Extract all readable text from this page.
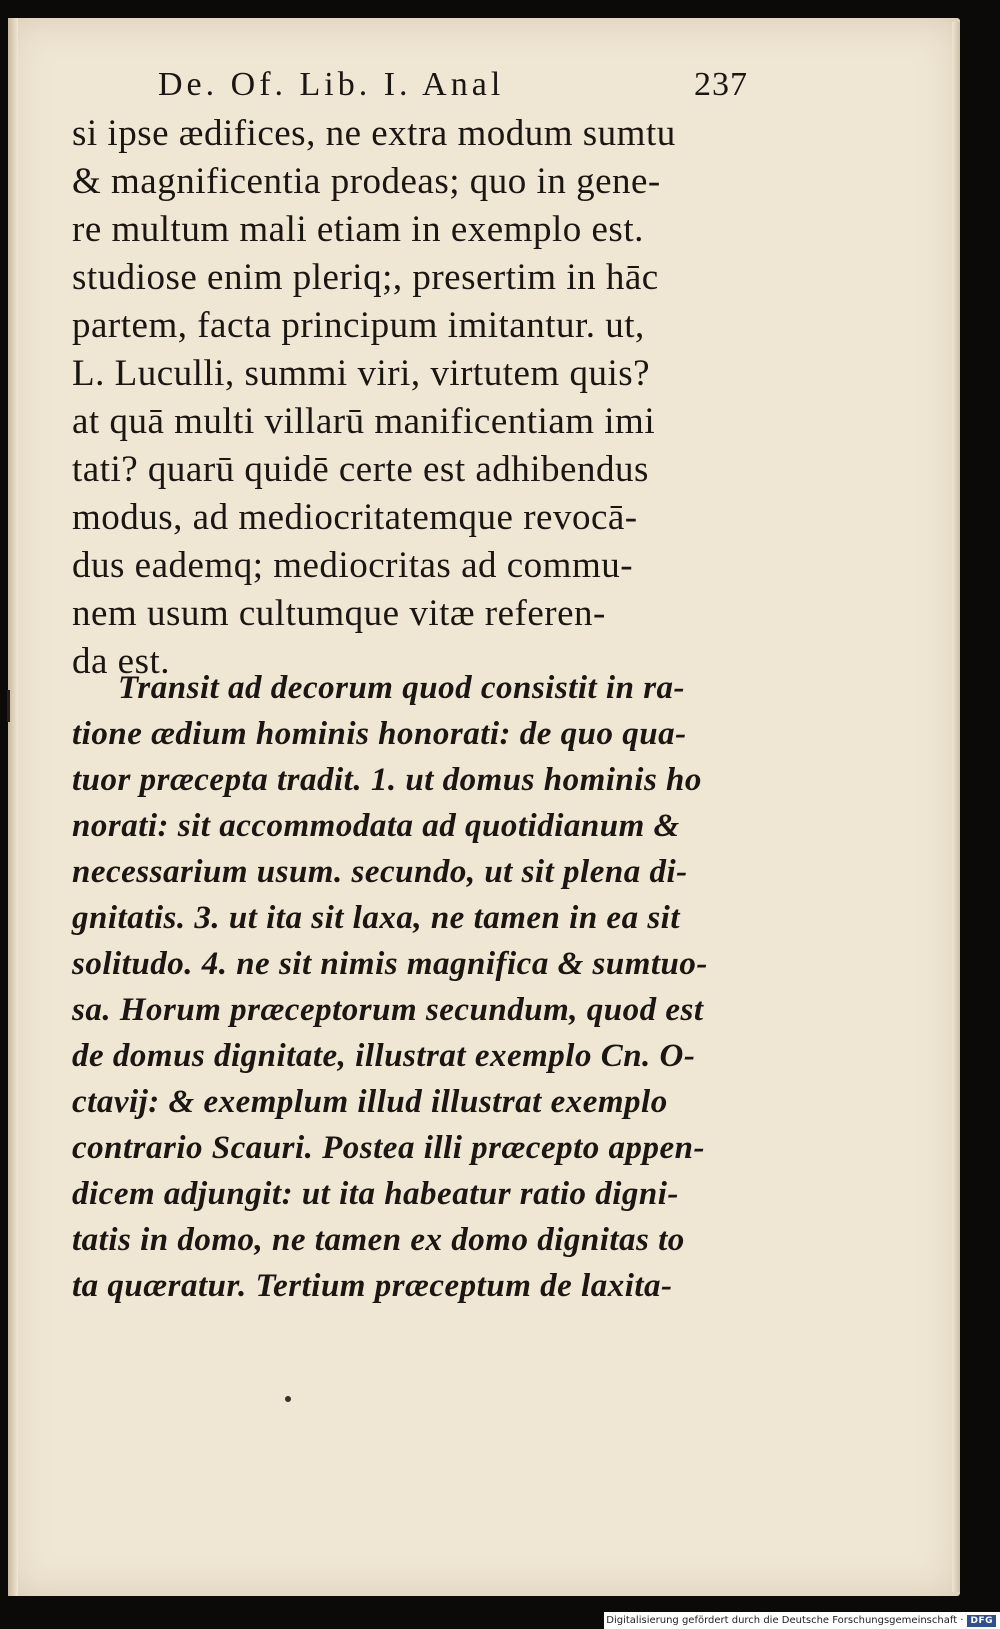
De. Of. Lib. I. Anal	237
si ipse ædifices, ne extra modum sumtu
& magnificentia prodeas; quo in gene-
re multum mali etiam in exemplo est.
studiose enim pleriq;, presertim in hāc
partem, facta principum imitantur. ut,
L. Luculli, summi viri, virtutem quis?
at quā multi villarū manificentiam imi
tati? quarū quidē certe est adhibendus
modus, ad mediocritatemque revocā-
dus eademq; mediocritas ad commu-
nem usum cultumque vitæ referen-
da est.
Transit ad decorum quod consistit in ra-
tione ædium hominis honorati: de quo qua-
tuor præcepta tradit. 1. ut domus hominis ho
norati: sit accommodata ad quotidianum &
necessarium usum. secundo, ut sit plena di-
gnitatis. 3. ut ita sit laxa, ne tamen in ea sit
solitudo. 4. ne sit nimis magnifica & sumtuo-
sa. Horum præceptorum secundum, quod est
de domus dignitate, illustrat exemplo Cn. O-
ctavij: & exemplum illud illustrat exemplo
contrario Scauri. Postea illi præcepto appen-
dicem adjungit: ut ita habeatur ratio digni-
tatis in domo, ne tamen ex domo dignitas to
ta quæratur. Tertium præceptum de laxita-
Digitalisierung gefördert durch die Deutsche Forschungsgemeinschaft · DFG
